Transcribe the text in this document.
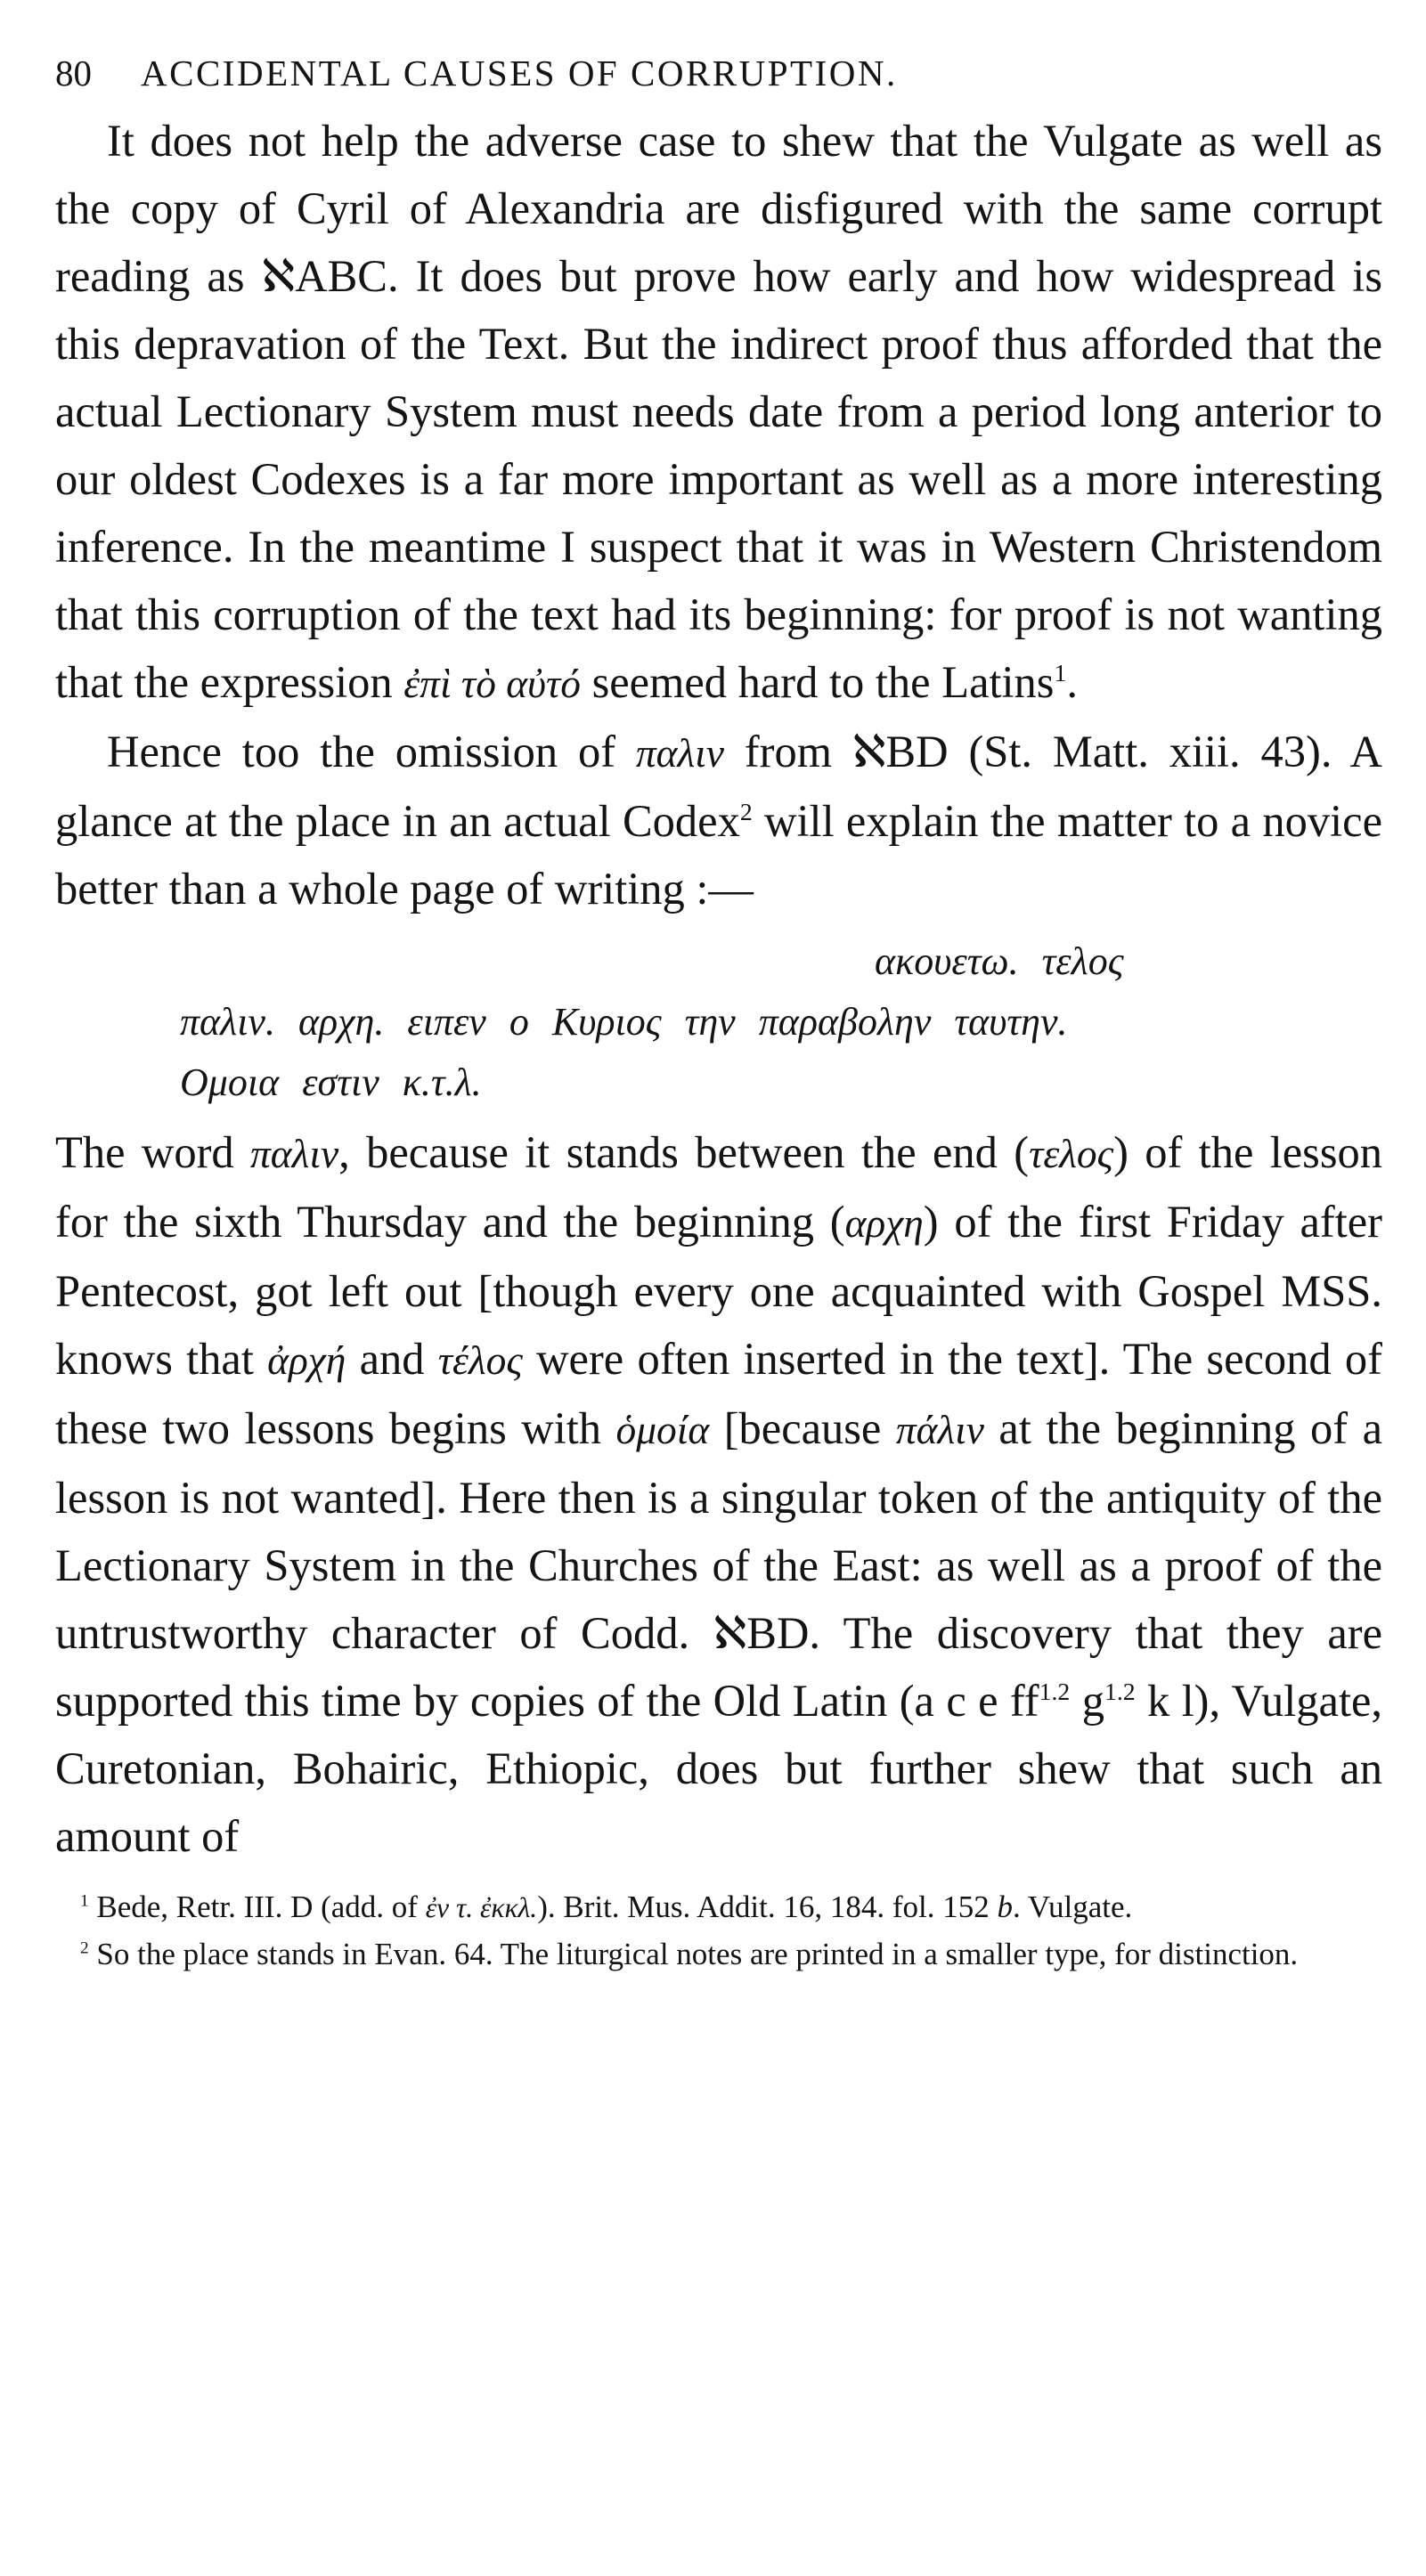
80 ACCIDENTAL CAUSES OF CORRUPTION.

It does not help the adverse case to shew that the Vulgate as well as the copy of Cyril of Alexandria are disfigured with the same corrupt reading as ℵABC. It does but prove how early and how widespread is this depravation of the Text. But the indirect proof thus afforded that the actual Lectionary System must needs date from a period long anterior to our oldest Codexes is a far more important as well as a more interesting inference. In the meantime I suspect that it was in Western Christendom that this corruption of the text had its beginning: for proof is not wanting that the expression ἐπὶ τὸ αὐτό seemed hard to the Latins$^1$.

Hence too the omission of παλιν from ℵBD (St. Matt. xiii. 43). A glance at the place in an actual Codex$^2$ will explain the matter to a novice better than a whole page of writing :—

ακουετω. τελος
παλιν. αρχη. ειπεν ο Κυριος την παραβολην ταυτην.
Ομοια εστιν κ.τ.λ.

The word παλιν, because it stands between the end (τελος) of the lesson for the sixth Thursday and the beginning (αρχη) of the first Friday after Pentecost, got left out [though every one acquainted with Gospel MSS. knows that ἀρχή and τέλος were often inserted in the text]. The second of these two lessons begins with ὁμοία [because πάλιν at the beginning of a lesson is not wanted]. Here then is a singular token of the antiquity of the Lectionary System in the Churches of the East: as well as a proof of the untrustworthy character of Codd. ℵBD. The discovery that they are supported this time by copies of the Old Latin (a c e $ff^{1.2}$ $g^{1.2}$ k l), Vulgate, Curetonian, Bohairic, Ethiopic, does but further shew that such an amount of

$^1$ Bede, Retr. III. D (add. of ἐν τ. ἐκκλ.). Brit. Mus. Addit. 16, 184. fol. 152 b. Vulgate.

$^2$ So the place stands in Evan. 64. The liturgical notes are printed in a smaller type, for distinction.
